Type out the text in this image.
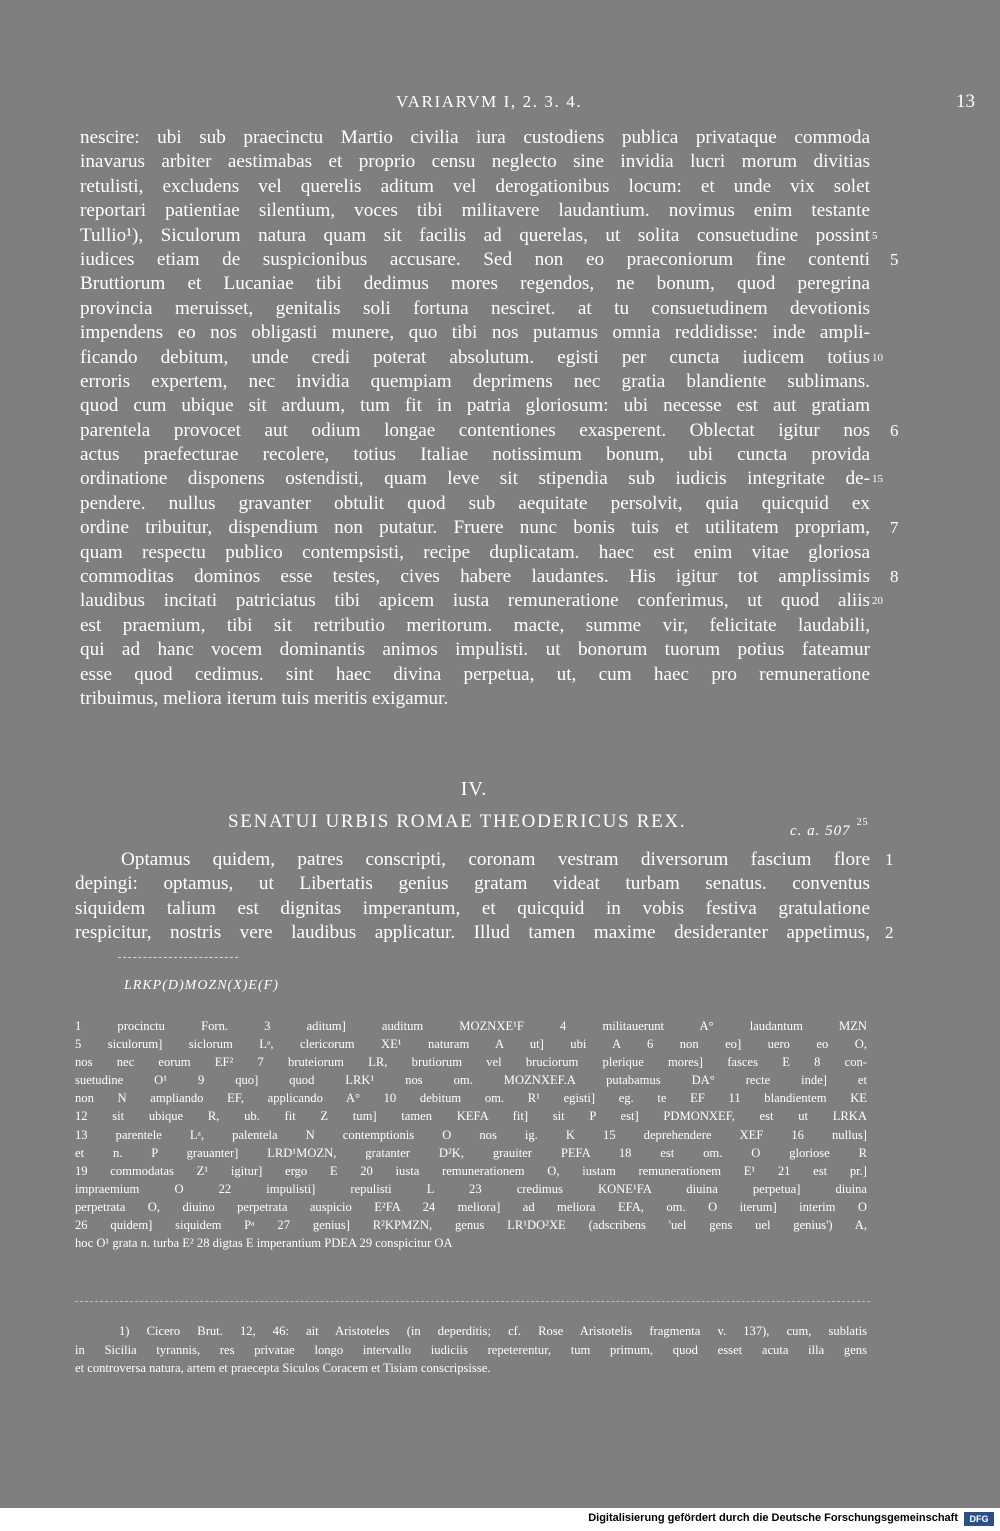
VARIARVM I, 2. 3. 4.	13
nescire: ubi sub praecinctu Martio civilia iura custodiens publica privataque commoda
inavarus arbiter aestimabas et proprio censu neglecto sine invidia lucri morum divitias
retulisti, excludens vel querelis aditum vel derogationibus locum: et unde vix solet
reportari patientiae silentium, voces tibi militavere laudantium. novimus enim testante
Tullio¹), Siculorum natura quam sit facilis ad querelas, ut solita consuetudine possint 5
iudices etiam de suspicionibus accusare. Sed non eo praeconiorum fine contenti 5
Bruttiorum et Lucaniae tibi dedimus mores regendos, ne bonum, quod peregrina
provincia meruisset, genitalis soli fortuna nesciret. at tu consuetudinem devotionis
impendens eo nos obligasti munere, quo tibi nos putamus omnia reddidisse: inde ampli-
ficando debitum, unde credi poterat absolutum. egisti per cuncta iudicem totius 10
erroris expertem, nec invidia quempiam deprimens nec gratia blandiente sublimans.
quod cum ubique sit arduum, tum fit in patria gloriosum: ubi necesse est aut gratiam
parentela provocet aut odium longae contentiones exasperent. Oblectat igitur nos 6
actus praefecturae recolere, totius Italiae notissimum bonum, ubi cuncta provida
ordinatione disponens ostendisti, quam leve sit stipendia sub iudicis integritate de- 15
pendere. nullus gravanter obtulit quod sub aequitate persolvit, quia quicquid ex
ordine tribuitur, dispendium non putatur. Fruere nunc bonis tuis et utilitatem propriam, 7
quam respectu publico contempsisti, recipe duplicatam. haec est enim vitae gloriosa
commoditas dominos esse testes, cives habere laudantes. His igitur tot amplissimis 8
laudibus incitati patriciatus tibi apicem iusta remuneratione conferimus, ut quod aliis 20
est praemium, tibi sit retributio meritorum. macte, summe vir, felicitate laudabili,
qui ad hanc vocem dominantis animos impulisti. ut bonorum tuorum potius fateamur
esse quod cedimus. sint haec divina perpetua, ut, cum haec pro remuneratione
tribuimus, meliora iterum tuis meritis exigamur.
IV.
SENATUI URBIS ROMAE THEODERICUS REX.	c. a. $507^{25}$
Optamus quidem, patres conscripti, coronam vestram diversorum fascium flore 1
depingi: optamus, ut Libertatis genius gratam videat turbam senatus. conventus
siquidem talium est dignitas imperantum, et quicquid in vobis festiva gratulatione
respicitur, nostris vere laudibus applicatur. Illud tamen maxime desideranter appetimus, 2
LRKP(D)MOZN(X)E(F)
1 procinctu Forn. 3 aditum] auditum MOZNXE¹F 4 militauerunt A° laudantum MZN
5 siculorum] siclorum Lᵃ, clericorum XE¹ naturam A ut] ubi A 6 non eo] uero eo O,
nos nec eorum EF² 7 bruteiorum LR, brutiorum vel bruciorum plerique mores] fasces E 8 con-
suetudine O¹ 9 quo] quod LRK¹ nos om. MOZNXEF.A putabamus DA° recte inde] et
non N ampliando EF, applicando A° 10 debitum om. R¹ egisti] eg. te EF 11 blandientem KE
12 sit ubique R, ub. fit Z tum] tamen KEFA fit] sit P est] PDMONXEF, est ut LRKA
13 parentele Lᵃ, palentela N contemptionis O nos ig. K 15 deprehendere XEF 16 nullus]
et n. P grauanter] LRD¹MOZN, gratanter D²K, grauiter PEFA 18 est om. O gloriose R
19 commodatas Z¹ igitur] ergo E 20 iusta remunerationem O, iustam remunerationem E¹ 21 est pr.]
impraemium O 22 impulisti] repulisti L 23 credimus KONE¹FA diuina perpetua] diuina
perpetrata O, diuino perpetrata auspicio E²FA 24 meliora] ad meliora EFA, om. O iterum] interim O
26 quidem] siquidem Pᵃ 27 genius] R²KPMZN, genus LR¹DO²XE (adscribens 'uel gens uel genius') A,
hoc O¹ grata n. turba E² 28 digtas E imperantium PDEA 29 conspicitur OA
1) Cicero Brut. 12, 46: ait Aristoteles (in deperditis; cf. Rose Aristotelis fragmenta v. 137), cum, sublatis
in Sicilia tyrannis, res privatae longo intervallo iudiciis repeterentur, tum primum, quod esset acuta illa gens
et controversa natura, artem et praecepta Siculos Coracem et Tisiam conscripsisse.
Digitalisierung gefördert durch die Deutsche Forschungsgemeinschaft	DFG
